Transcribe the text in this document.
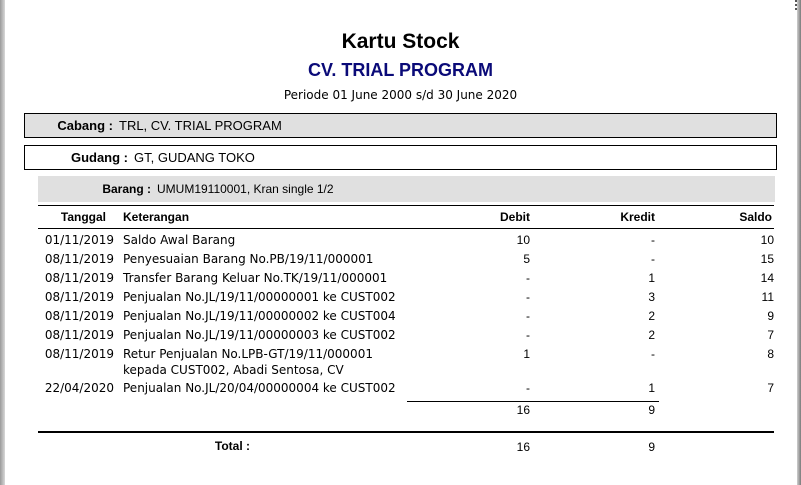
Kartu Stock
CV. TRIAL PROGRAM
Periode 01 June 2000 s/d 30 June 2020
Cabang : TRL, CV. TRIAL PROGRAM
Gudang : GT, GUDANG TOKO
Barang : UMUM19110001, Kran single 1/2
Tanggal Keterangan	Debit	Kredit	Saldo
01/11/2019 Saldo Awal Barang	10	-	10
08/11/2019 Penyesuaian Barang No.PB/19/11/000001	5	-	15
08/11/2019 Transfer Barang Keluar No.TK/19/11/000001	-	1	14
08/11/2019 Penjualan No.JL/19/11/00000001 ke CUST002	-	3	11
08/11/2019 Penjualan No.JL/19/11/00000002 ke CUST004	-	2	9
08/11/2019 Penjualan No.JL/19/11/00000003 ke CUST002	-	2	7
08/11/2019 Retur Penjualan No.LPB-GT/19/11/000001
kepada CUST002, Abadi Sentosa, CV
1	-	8
22/04/2020 Penjualan No.JL/20/04/00000004 ke CUST002	-	1	7
16	9
Total :	16	9
